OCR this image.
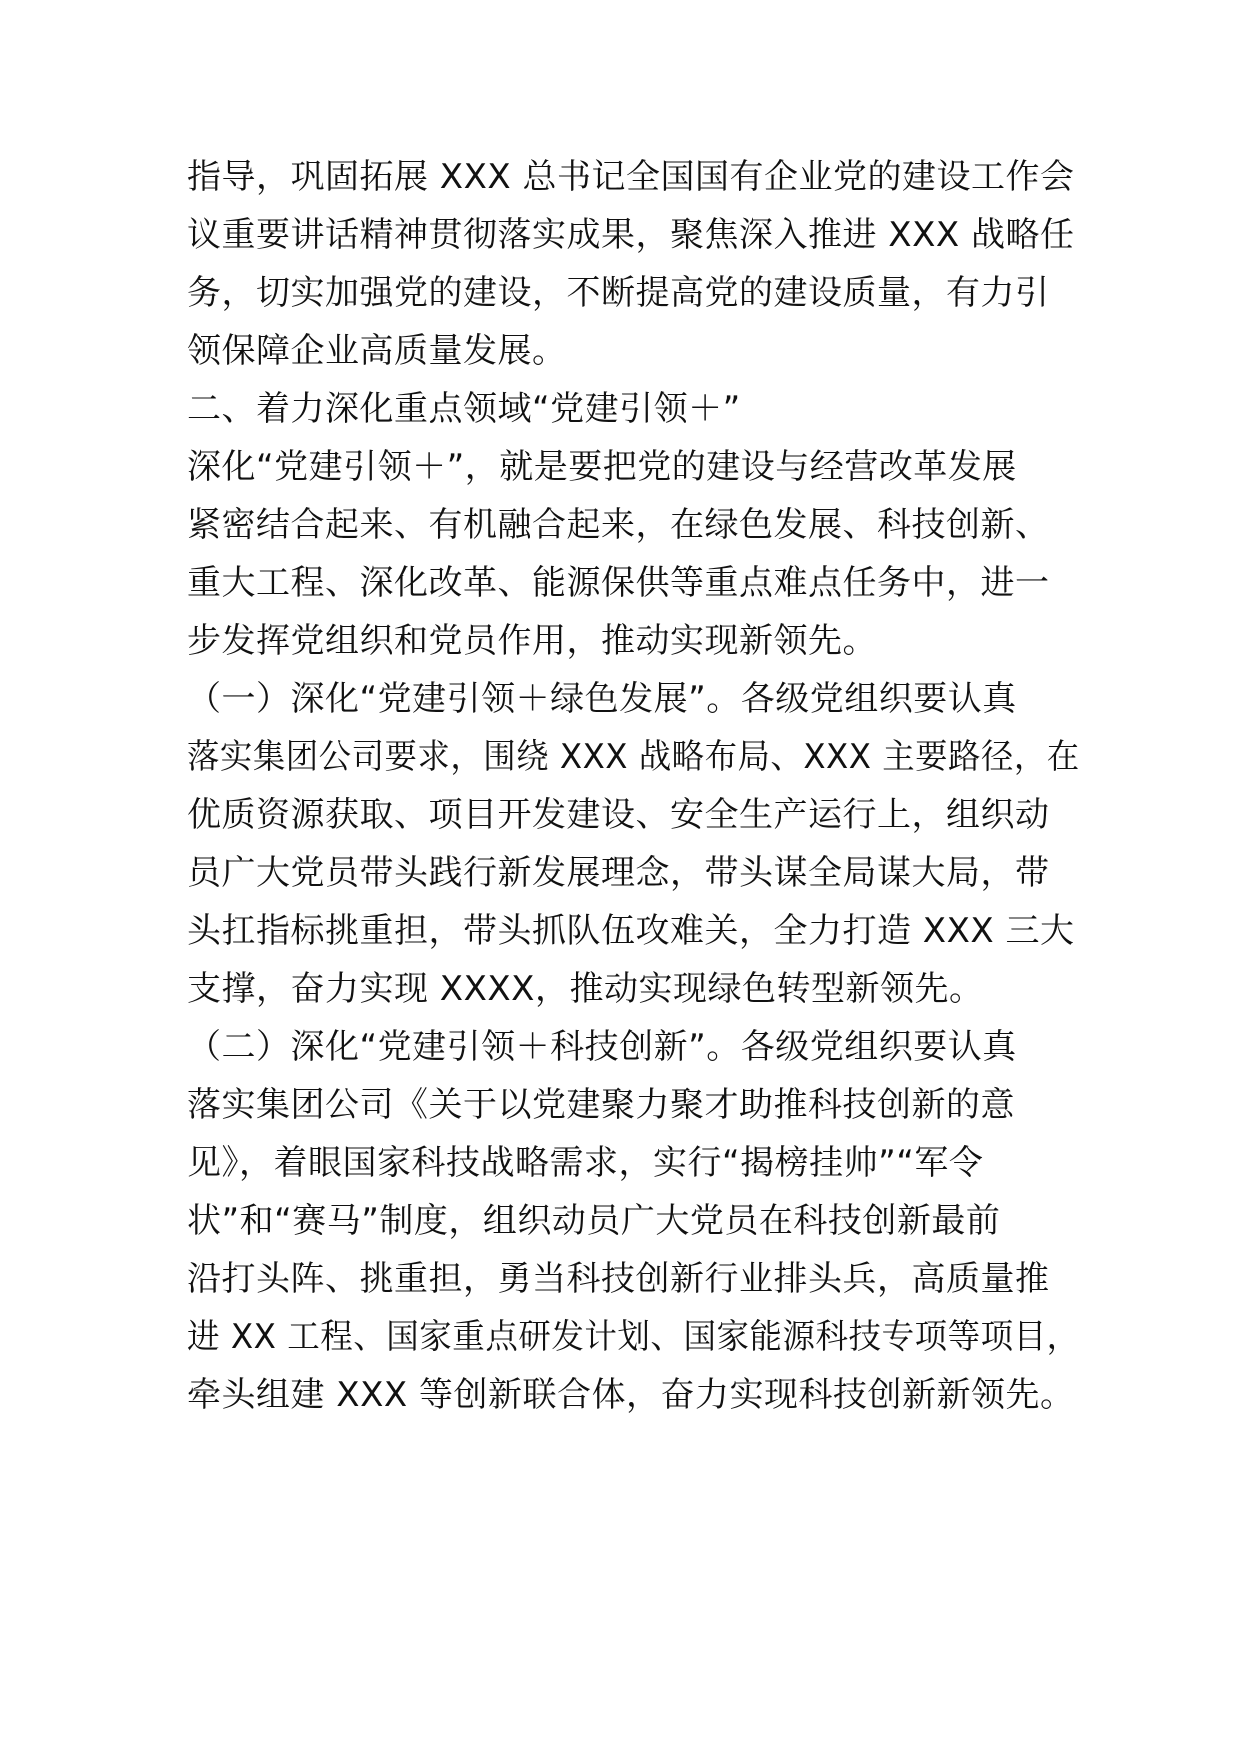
指导，巩固拓展 XXX 总书记全国国有企业党的建设工作会
议重要讲话精神贯彻落实成果，聚焦深入推进 XXX 战略任
务，切实加强党的建设，不断提高党的建设质量，有力引
领保障企业高质量发展。
二、着力深化重点领域“党建引领＋”
深化“党建引领＋”，就是要把党的建设与经营改革发展
紧密结合起来、有机融合起来，在绿色发展、科技创新、
重大工程、深化改革、能源保供等重点难点任务中，进一
步发挥党组织和党员作用，推动实现新领先。
（一）深化“党建引领＋绿色发展”。各级党组织要认真
落实集团公司要求，围绕 XXX 战略布局、XXX 主要路径，在
优质资源获取、项目开发建设、安全生产运行上，组织动
员广大党员带头践行新发展理念，带头谋全局谋大局，带
头扛指标挑重担，带头抓队伍攻难关，全力打造 XXX 三大
支撑，奋力实现 XXXX，推动实现绿色转型新领先。
（二）深化“党建引领＋科技创新”。各级党组织要认真
落实集团公司《关于以党建聚力聚才助推科技创新的意
见》，着眼国家科技战略需求，实行“揭榜挂帅”“军令
状”和“赛马”制度，组织动员广大党员在科技创新最前
沿打头阵、挑重担，勇当科技创新行业排头兵，高质量推
进 XX 工程、国家重点研发计划、国家能源科技专项等项目，
牵头组建 XXX 等创新联合体，奋力实现科技创新新领先。
